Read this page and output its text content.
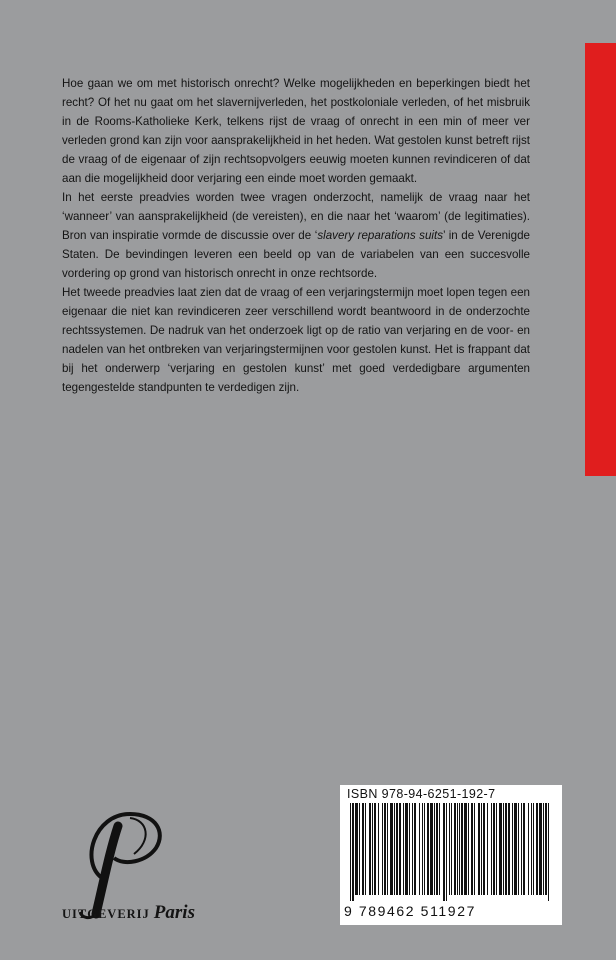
Hoe gaan we om met historisch onrecht? Welke mogelijkheden en beperkingen biedt het recht? Of het nu gaat om het slavernijverleden, het postkoloniale verleden, of het misbruik in de Rooms-Katholieke Kerk, telkens rijst de vraag of onrecht in een min of meer ver verleden grond kan zijn voor aansprakelijkheid in het heden. Wat gestolen kunst betreft rijst de vraag of de eigenaar of zijn rechtsopvolgers eeuwig moeten kunnen revindiceren of dat aan die mogelijkheid door verjaring een einde moet worden gemaakt.

In het eerste preadvies worden twee vragen onderzocht, namelijk de vraag naar het ‘wanneer’ van aansprakelijkheid (de vereisten), en die naar het ‘waarom’ (de legitimaties). Bron van inspiratie vormde de discussie over de ‘slavery reparations suits’ in de Verenigde Staten. De bevindingen leveren een beeld op van de variabelen van een succesvolle vordering op grond van historisch onrecht in onze rechtsorde.

Het tweede preadvies laat zien dat de vraag of een verjaringstermijn moet lopen tegen een eigenaar die niet kan revindiceren zeer verschillend wordt beantwoord in de onderzochte rechtssystemen. De nadruk van het onderzoek ligt op de ratio van verjaring en de voor- en nadelen van het ontbreken van verjaringstermijnen voor gestolen kunst. Het is frappant dat bij het onderwerp ‘verjaring en gestolen kunst’ met goed verdedigbare argumenten tegengestelde standpunten te verdedigen zijn.

ISBN 978-94-6251-192-7
9 789462 511927
UITGEVERIJ Paris
